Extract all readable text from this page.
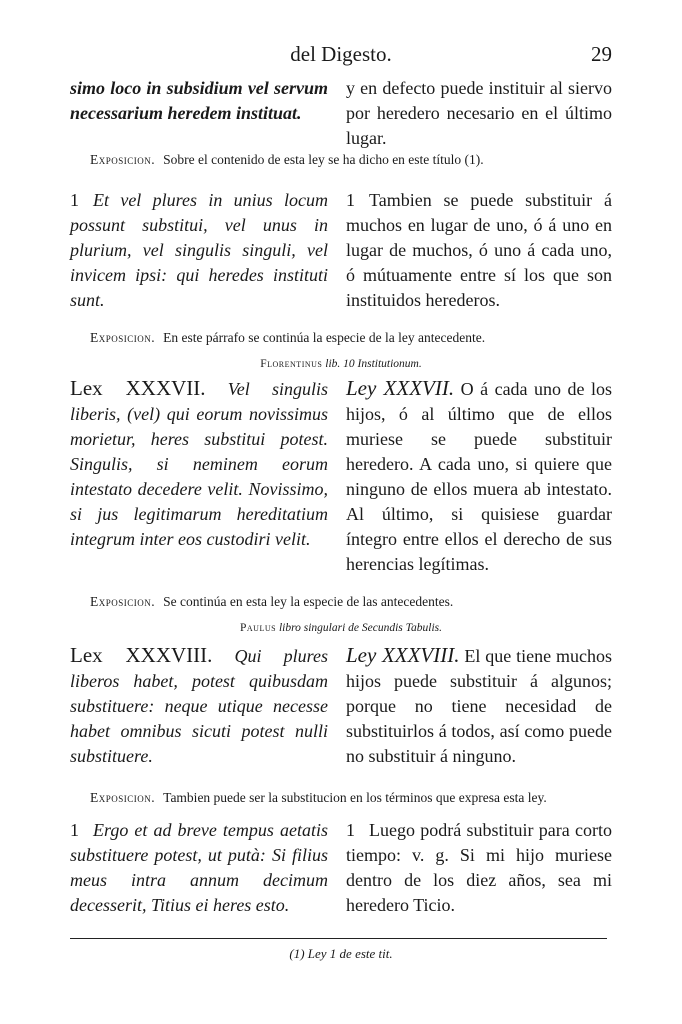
del Digesto.	29
simo loco in subsidium vel servum necessarium heredem instituat.
y en defecto puede instituir al siervo por heredero necesario en el último lugar.
Exposicion. Sobre el contenido de esta ley se ha dicho en este título (1).
1 Et vel plures in unius locum possunt substitui, vel unus in plurium, vel singulis singuli, vel invicem ipsi: qui heredes instituti sunt.
1 Tambien se puede substituir á muchos en lugar de uno, ó á uno en lugar de muchos, ó uno á cada uno, ó mútuamente entre sí los que son instituidos herederos.
Exposicion. En este párrafo se continúa la especie de la ley antecedente.
Florentinus lib. 10 Institutionum.
Lex XXXVII. Vel singulis liberis, (vel) qui eorum novissimus morietur, heres substitui potest. Singulis, si neminem eorum intestato decedere velit. Novissimo, si jus legitimarum hereditatium integrum inter eos custodiri velit.
Ley XXXVII. O á cada uno de los hijos, ó al último que de ellos muriese se puede substituir heredero. A cada uno, si quiere que ninguno de ellos muera ab intestato. Al último, si quisiese guardar íntegro entre ellos el derecho de sus herencias legítimas.
Exposicion. Se continúa en esta ley la especie de las antecedentes.
Paulus libro singulari de Secundis Tabulis.
Lex XXXVIII. Qui plures liberos habet, potest quibusdam substituere: neque utique necesse habet omnibus sicuti potest nulli substituere.
Ley XXXVIII. El que tiene muchos hijos puede substituir á algunos; porque no tiene necesidad de substituirlos á todos, así como puede no substituir á ninguno.
Exposicion. Tambien puede ser la substitucion en los términos que expresa esta ley.
1 Ergo et ad breve tempus aetatis substituere potest, ut putà: Si filius meus intra annum decimum decesserit, Titius ei heres esto.
1 Luego podrá substituir para corto tiempo: v. g. Si mi hijo muriese dentro de los diez años, sea mi heredero Ticio.
(1) Ley 1 de este tit.
